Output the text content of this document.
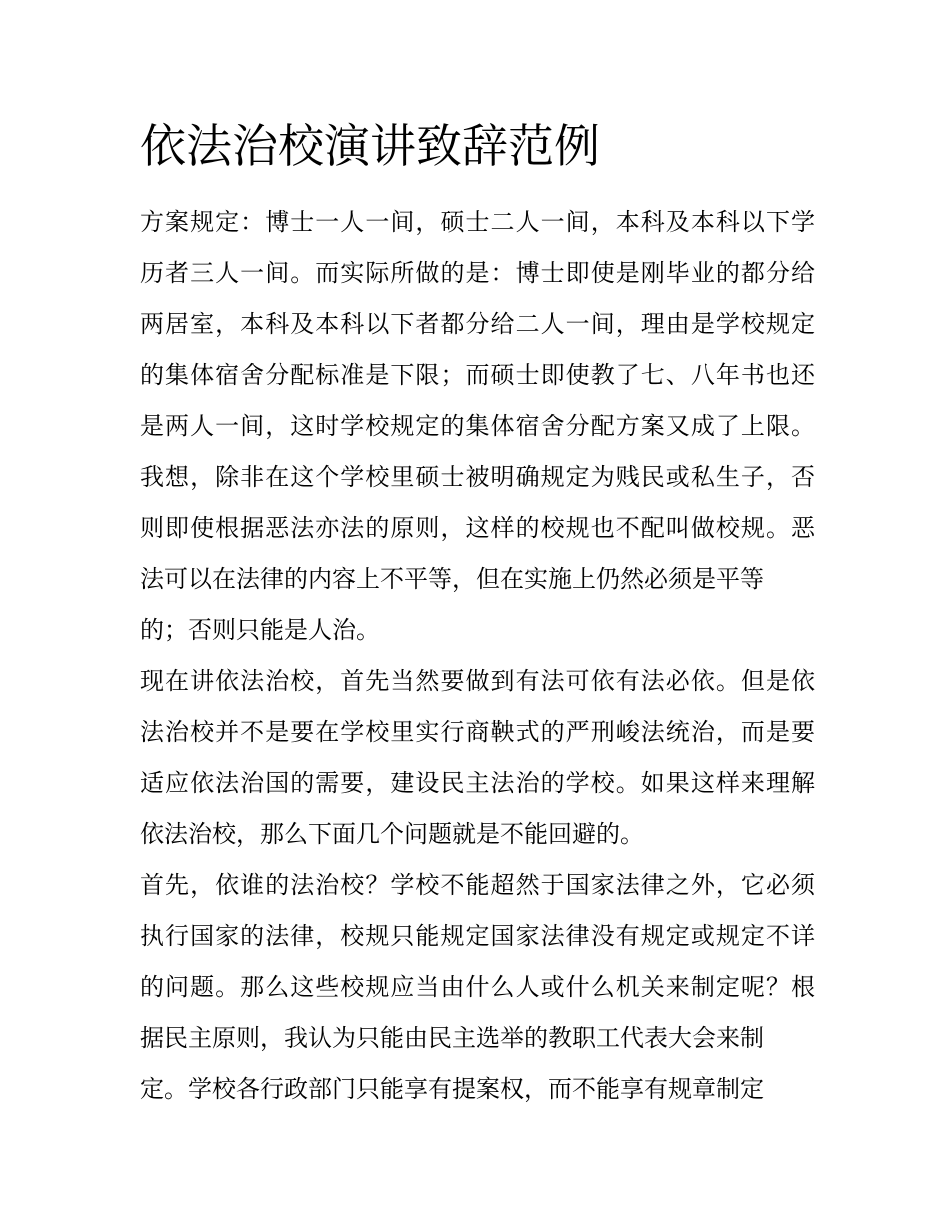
依法治校演讲致辞范例
方案规定：博士一人一间，硕士二人一间，本科及本科以下学
历者三人一间。而实际所做的是：博士即使是刚毕业的都分给
两居室，本科及本科以下者都分给二人一间，理由是学校规定
的集体宿舍分配标准是下限；而硕士即使教了七、八年书也还
是两人一间，这时学校规定的集体宿舍分配方案又成了上限。
我想，除非在这个学校里硕士被明确规定为贱民或私生子，否
则即使根据恶法亦法的原则，这样的校规也不配叫做校规。恶
法可以在法律的内容上不平等，但在实施上仍然必须是平等
的；否则只能是人治。
现在讲依法治校，首先当然要做到有法可依有法必依。但是依
法治校并不是要在学校里实行商鞅式的严刑峻法统治，而是要
适应依法治国的需要，建设民主法治的学校。如果这样来理解
依法治校，那么下面几个问题就是不能回避的。
首先，依谁的法治校？学校不能超然于国家法律之外，它必须
执行国家的法律，校规只能规定国家法律没有规定或规定不详
的问题。那么这些校规应当由什么人或什么机关来制定呢？根
据民主原则，我认为只能由民主选举的教职工代表大会来制
定。学校各行政部门只能享有提案权，而不能享有规章制定
